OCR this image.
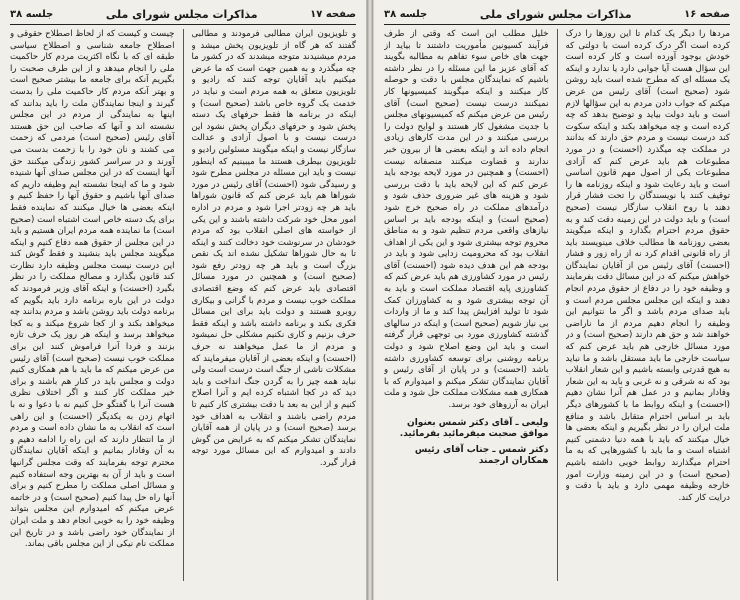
صفحه ۱۷
مذاکرات مجلس شورای ملی
جلسه ۳۸
و تلویزیون ایران مطالبی فرمودند و مطالبی گفتند که هر گاه از تلویزیون پخش میشد و مردم میشنیدند متوجه میشدند که در کشور ما چه میگذرد و به همین جهت است که ما عرض میکنیم باید آقایان توجه کنند که رادیو و تلویزیون متعلق به همه مردم است و نباید در خدمت یک گروه خاص باشد (صحیح است) و اینکه در برنامه ها فقط حرفهای یک دسته پخش شود و حرفهای دیگران پخش نشود این درست نیست و با اصول آزادی و عدالت سازگار نیست و اینکه میگویند مسئولین رادیو و تلویزیون بیطرف هستند ما میبینیم که اینطور نیست و باید این مسئله در مجلس مطرح شود و رسیدگی شود (احسنت) آقای رئیس در مورد شوراها هم باید عرض کنم که قانون شوراها باید هر چه زودتر اجرا شود و مردم در اداره امور محل خود شرکت داشته باشند و این یکی از خواسته های اصلی انقلاب بود که مردم خودشان در سرنوشت خود دخالت کنند و اینکه تا به حال شوراها تشکیل نشده اند یک نقص بزرگ است و باید هر چه زودتر رفع شود (صحیح است) و همچنین در مورد مسائل اقتصادی باید عرض کنم که وضع اقتصادی مملکت خوب نیست و مردم با گرانی و بیکاری روبرو هستند و دولت باید برای این مسائل فکری بکند و برنامه داشته باشد و اینکه فقط حرف بزنیم و کاری نکنیم مشکلی حل نمیشود و مردم از ما عمل میخواهند نه حرف (احسنت) و اینکه بعضی از آقایان میفرمایند که مشکلات ناشی از جنگ است درست است ولی نباید همه چیز را به گردن جنگ انداخت و باید دید که در کجا اشتباه کرده ایم و آنرا اصلاح کنیم و از این به بعد با دقت بیشتری کار کنیم تا مردم راضی باشند و انقلاب به اهداف خود برسد (صحیح است) و در پایان از همه آقایان نمایندگان تشکر میکنم که به عرایض من گوش دادند و امیدوارم که این مسائل مورد توجه قرار گیرد.
چیست و کیست که از لحاظ اصطلاح حقوقی و اصطلاح جامعه شناسی و اصطلاح سیاسی طبقه ای که با نگاه اکثریت مردم کار حاکمیت ملی را انجام میدهد و از این طرف صحبت را بگیریم آنکه برای جامعه ما بیشتر صحیح است و بهتر آنکه مردم کار حاکمیت ملی را بدست گیرند و اینجا نمایندگان ملت را باید بدانند که اینها به نمایندگی از مردم در این مجلس نشسته اند و آنها که صاحب این حق هستند آقای رئیس (صحیح است) مردمی که زحمت می کشند و نان خود را با زحمت بدست می آورند و در سراسر کشور زندگی میکنند حق آنها اینست که در این مجلس صدای آنها شنیده شود و ما که اینجا نشسته ایم وظیفه داریم که صدای آنها باشیم و حقوق آنها را حفظ کنیم و اینکه بعضی ها خیال میکنند که نماینده فقط برای یک دسته خاص است اشتباه است (صحیح است) ما نماینده همه مردم ایران هستیم و باید در این مجلس از حقوق همه دفاع کنیم و اینکه میگویند مجلس باید بنشیند و فقط گوش کند این درست نیست مجلس وظیفه دارد نظارت کند قانون بگذارد و مصالح مملکت را در نظر بگیرد (احسنت) و اینکه آقای وزیر فرمودند که دولت در این باره برنامه دارد باید بگویم که برنامه دولت باید روشن باشد و مردم بدانند چه میخواهد بکند و از کجا شروع میکند و به کجا میخواهد برسد و اینکه هر روز یک حرف تازه بزنند و فردا آنرا فراموش کنند این برای مملکت خوب نیست (صحیح است) آقای رئیس من عرض میکنم که ما باید با هم همکاری کنیم دولت و مجلس باید در کنار هم باشند و برای خیر مملکت کار کنند و اگر اختلاف نظری هست آنرا با گفتگو حل کنیم نه با دعوا و نه با اتهام زدن به یکدیگر (احسنت) و این راهی است که انقلاب به ما نشان داده است و مردم از ما انتظار دارند که این راه را ادامه دهیم و به آن وفادار بمانیم و اینکه آقایان نمایندگان محترم توجه بفرمایند که وقت مجلس گرانبها است و باید از آن به بهترین وجه استفاده کنیم و مسائل اصلی مملکت را مطرح کنیم و برای آنها راه حل پیدا کنیم (صحیح است) و در خاتمه عرض میکنم که امیدوارم این مجلس بتواند وظیفه خود را به خوبی انجام دهد و ملت ایران از نمایندگان خود راضی باشد و در تاریخ این مملکت نام نیکی از این مجلس باقی بماند.
صفحه ۱۶
مذاکرات مجلس شورای ملی
جلسه ۳۸
مردها را دیگر یک کدام تا این روزها را درک کرده است اگر درک کرده است با دولتی که خودش بوجود آورده است و کار کرده است این سؤال هست آیا جوابی دارد یا ندارد و اینکه یک مسئله ای که مطرح شده است باید روشن شود (صحیح است) آقای رئیس من عرض میکنم که جواب دادن مردم به این سؤالها لازم است و باید دولت بیاید و توضیح بدهد که چه کرده است و چه میخواهد بکند و اینکه سکوت کند درست نیست و مردم حق دارند که بدانند در مملکت چه میگذرد (احسنت) و در مورد مطبوعات هم باید عرض کنم که آزادی مطبوعات یکی از اصول مهم قانون اساسی است و باید رعایت شود و اینکه روزنامه ها را توقیف کنند یا نویسندگان را تحت فشار قرار دهند با روح انقلاب سازگار نیست (صحیح است) و باید دولت در این زمینه دقت کند و به حقوق مردم احترام بگذارد و اینکه میگویند بعضی روزنامه ها مطالب خلاف مینویسند باید از راه قانونی اقدام کرد نه از راه زور و فشار (احسنت) آقای رئیس من از آقایان نمایندگان خواهش میکنم که در این مسائل دقت بفرمایند و وظیفه خود را در دفاع از حقوق مردم انجام دهند و اینکه این مجلس مجلس مردم است و باید صدای مردم باشد و اگر ما نتوانیم این وظیفه را انجام دهیم مردم از ما ناراضی خواهند شد و حق هم دارند (صحیح است) و در مورد مسائل خارجی هم باید عرض کنم که سیاست خارجی ما باید مستقل باشد و ما نباید به هیچ قدرتی وابسته باشیم و این شعار انقلاب بود که نه شرقی و نه غربی و باید به این شعار وفادار بمانیم و در عمل هم آنرا نشان دهیم (احسنت) و اینکه روابط ما با کشورهای دیگر باید بر اساس احترام متقابل باشد و منافع ملت ایران را در نظر بگیریم و اینکه بعضی ها خیال میکنند که باید با همه دنیا دشمنی کنیم اشتباه است و ما باید با کشورهایی که به ما احترام میگذارند روابط خوبی داشته باشیم (صحیح است) و در این زمینه وزارت امور خارجه وظیفه مهمی دارد و باید با دقت و درایت کار کند.
خلیل مطلب این است که وقتی از طرف فرآیند کسیونین مأموریت داشتند تا بیاید از جهت های خاص سوء تفاهم به مطالبه بگویند که آقای عزیز ما این مسئله را در نظر داشته باشیم که نمایندگان مجلس با دقت و حوصله کار میکنند و اینکه میگویند کمیسیونها کار نمیکنند درست نیست (صحیح است) آقای رئیس من عرض میکنم که کمیسیونهای مجلس با جدیت مشغول کار هستند و لوایح دولت را بررسی میکنند و در این مدت کارهای زیادی انجام داده اند و اینکه بعضی ها از بیرون خبر ندارند و قضاوت میکنند منصفانه نیست (احسنت) و همچنین در مورد لایحه بودجه باید عرض کنم که این لایحه باید با دقت بررسی شود و هزینه های غیر ضروری حذف شود و درآمدهای مملکت در راه صحیح خرج شود (صحیح است) و اینکه بودجه باید بر اساس نیازهای واقعی مردم تنظیم شود و به مناطق محروم توجه بیشتری شود و این یکی از اهداف انقلاب بود که محرومیت زدایی شود و باید در بودجه هم این هدف دیده شود (احسنت) آقای رئیس در مورد کشاورزی هم باید عرض کنم که کشاورزی پایه اقتصاد مملکت است و باید به آن توجه بیشتری شود و به کشاورزان کمک شود تا تولید افزایش پیدا کند و ما از واردات بی نیاز شویم (صحیح است) و اینکه در سالهای گذشته کشاورزی مورد بی توجهی قرار گرفته است و باید این وضع اصلاح شود و دولت برنامه روشنی برای توسعه کشاورزی داشته باشد (احسنت) و در پایان از آقای رئیس و آقایان نمایندگان تشکر میکنم و امیدوارم که با همکاری همه مشکلات مملکت حل شود و ملت ایران به آرزوهای خود برسد.
ولیعی ـ آقای دکتر شمس بعنوان موافق صحبت میفرمائید بفرمائید.
دکتر شمس ـ جناب آقای رئیس همکاران ارجمند
